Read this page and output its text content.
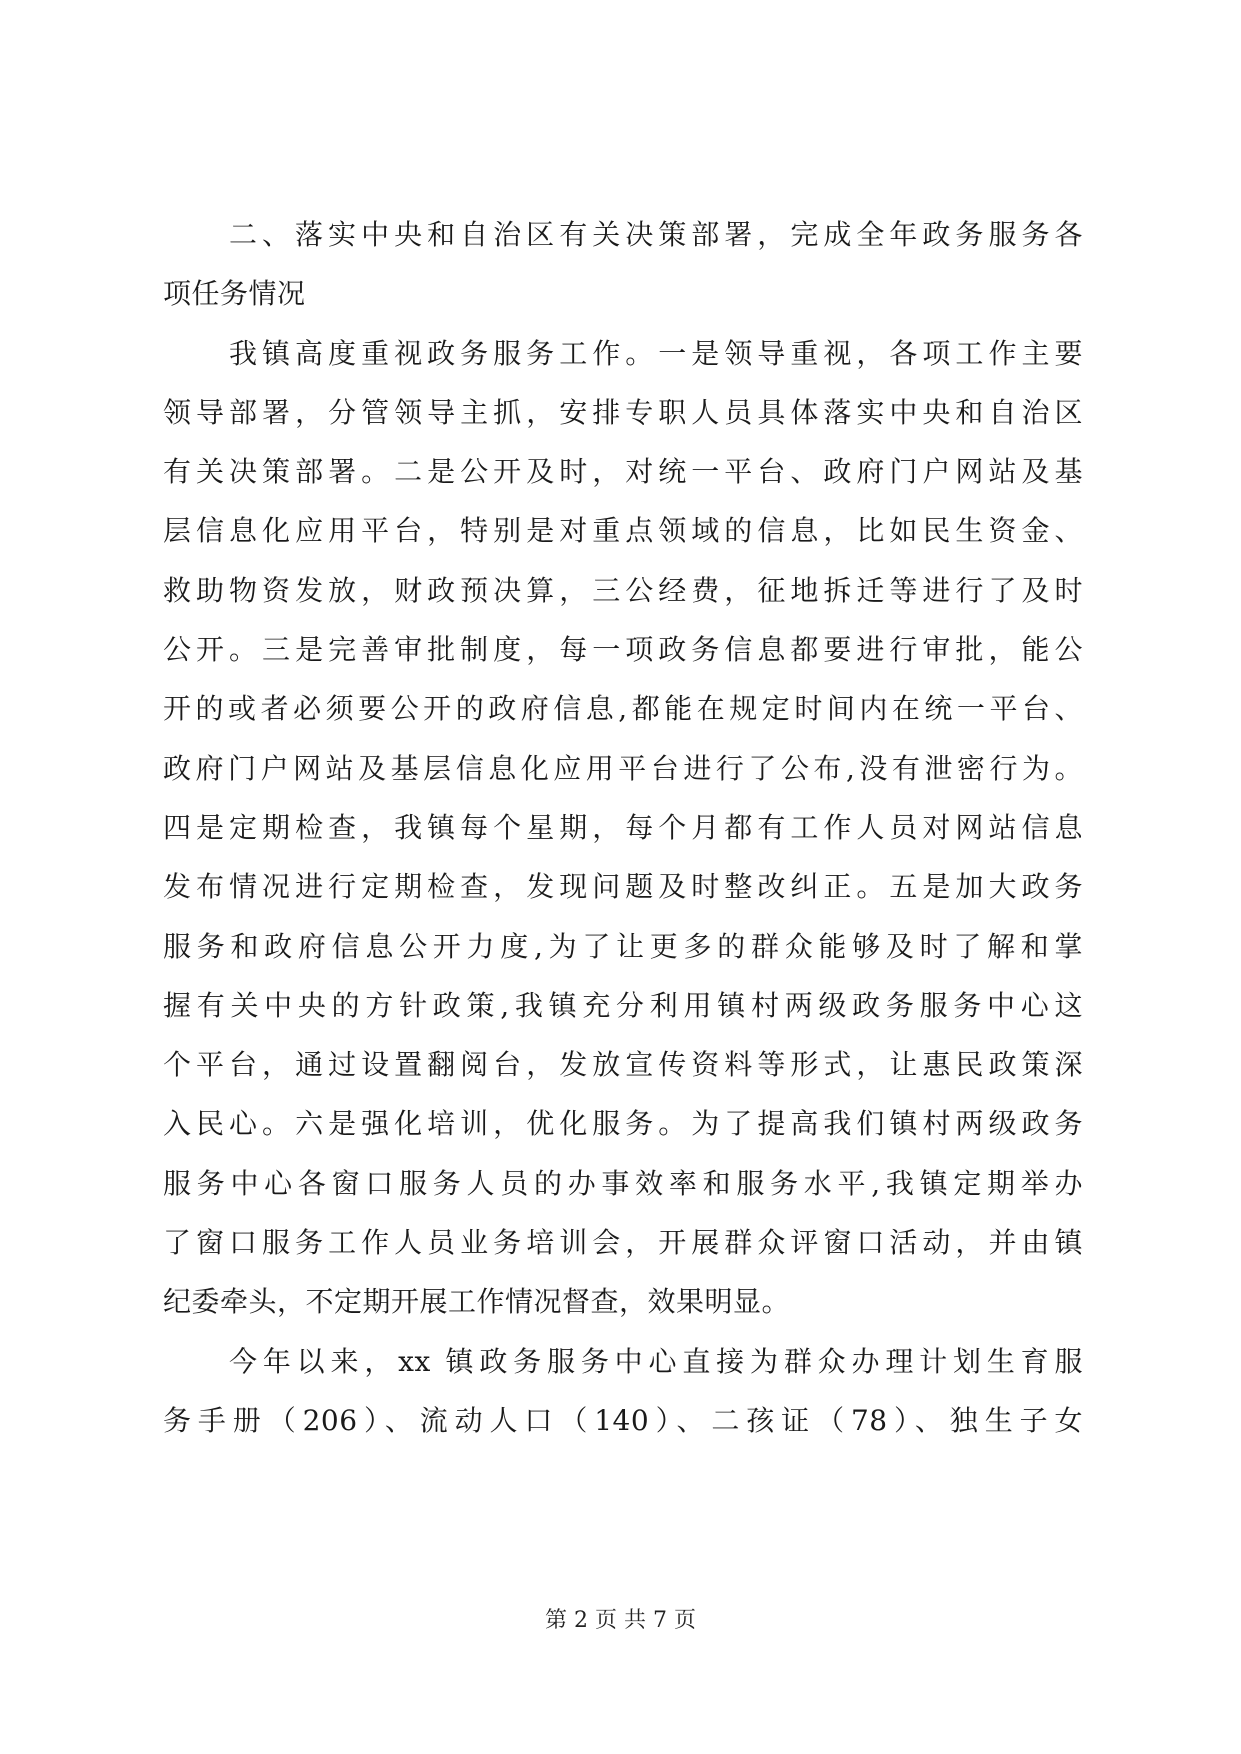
二、落实中央和自治区有关决策部署，完成全年政务服务各
项任务情况
我镇高度重视政务服务工作。一是领导重视，各项工作主要
领导部署，分管领导主抓，安排专职人员具体落实中央和自治区
有关决策部署。二是公开及时，对统一平台、政府门户网站及基
层信息化应用平台，特别是对重点领域的信息，比如民生资金、
救助物资发放，财政预决算，三公经费，征地拆迁等进行了及时
公开。三是完善审批制度，每一项政务信息都要进行审批，能公
开的或者必须要公开的政府信息,都能在规定时间内在统一平台、
政府门户网站及基层信息化应用平台进行了公布,没有泄密行为。
四是定期检查，我镇每个星期，每个月都有工作人员对网站信息
发布情况进行定期检查，发现问题及时整改纠正。五是加大政务
服务和政府信息公开力度,为了让更多的群众能够及时了解和掌
握有关中央的方针政策,我镇充分利用镇村两级政务服务中心这
个平台，通过设置翻阅台，发放宣传资料等形式，让惠民政策深
入民心。六是强化培训，优化服务。为了提高我们镇村两级政务
服务中心各窗口服务人员的办事效率和服务水平,我镇定期举办
了窗口服务工作人员业务培训会，开展群众评窗口活动，并由镇
纪委牵头，不定期开展工作情况督查，效果明显。
今年以来，xx 镇政务服务中心直接为群众办理计划生育服
务手册（206）、流动人口（140）、二孩证（78）、独生子女
第 2 页 共 7 页
